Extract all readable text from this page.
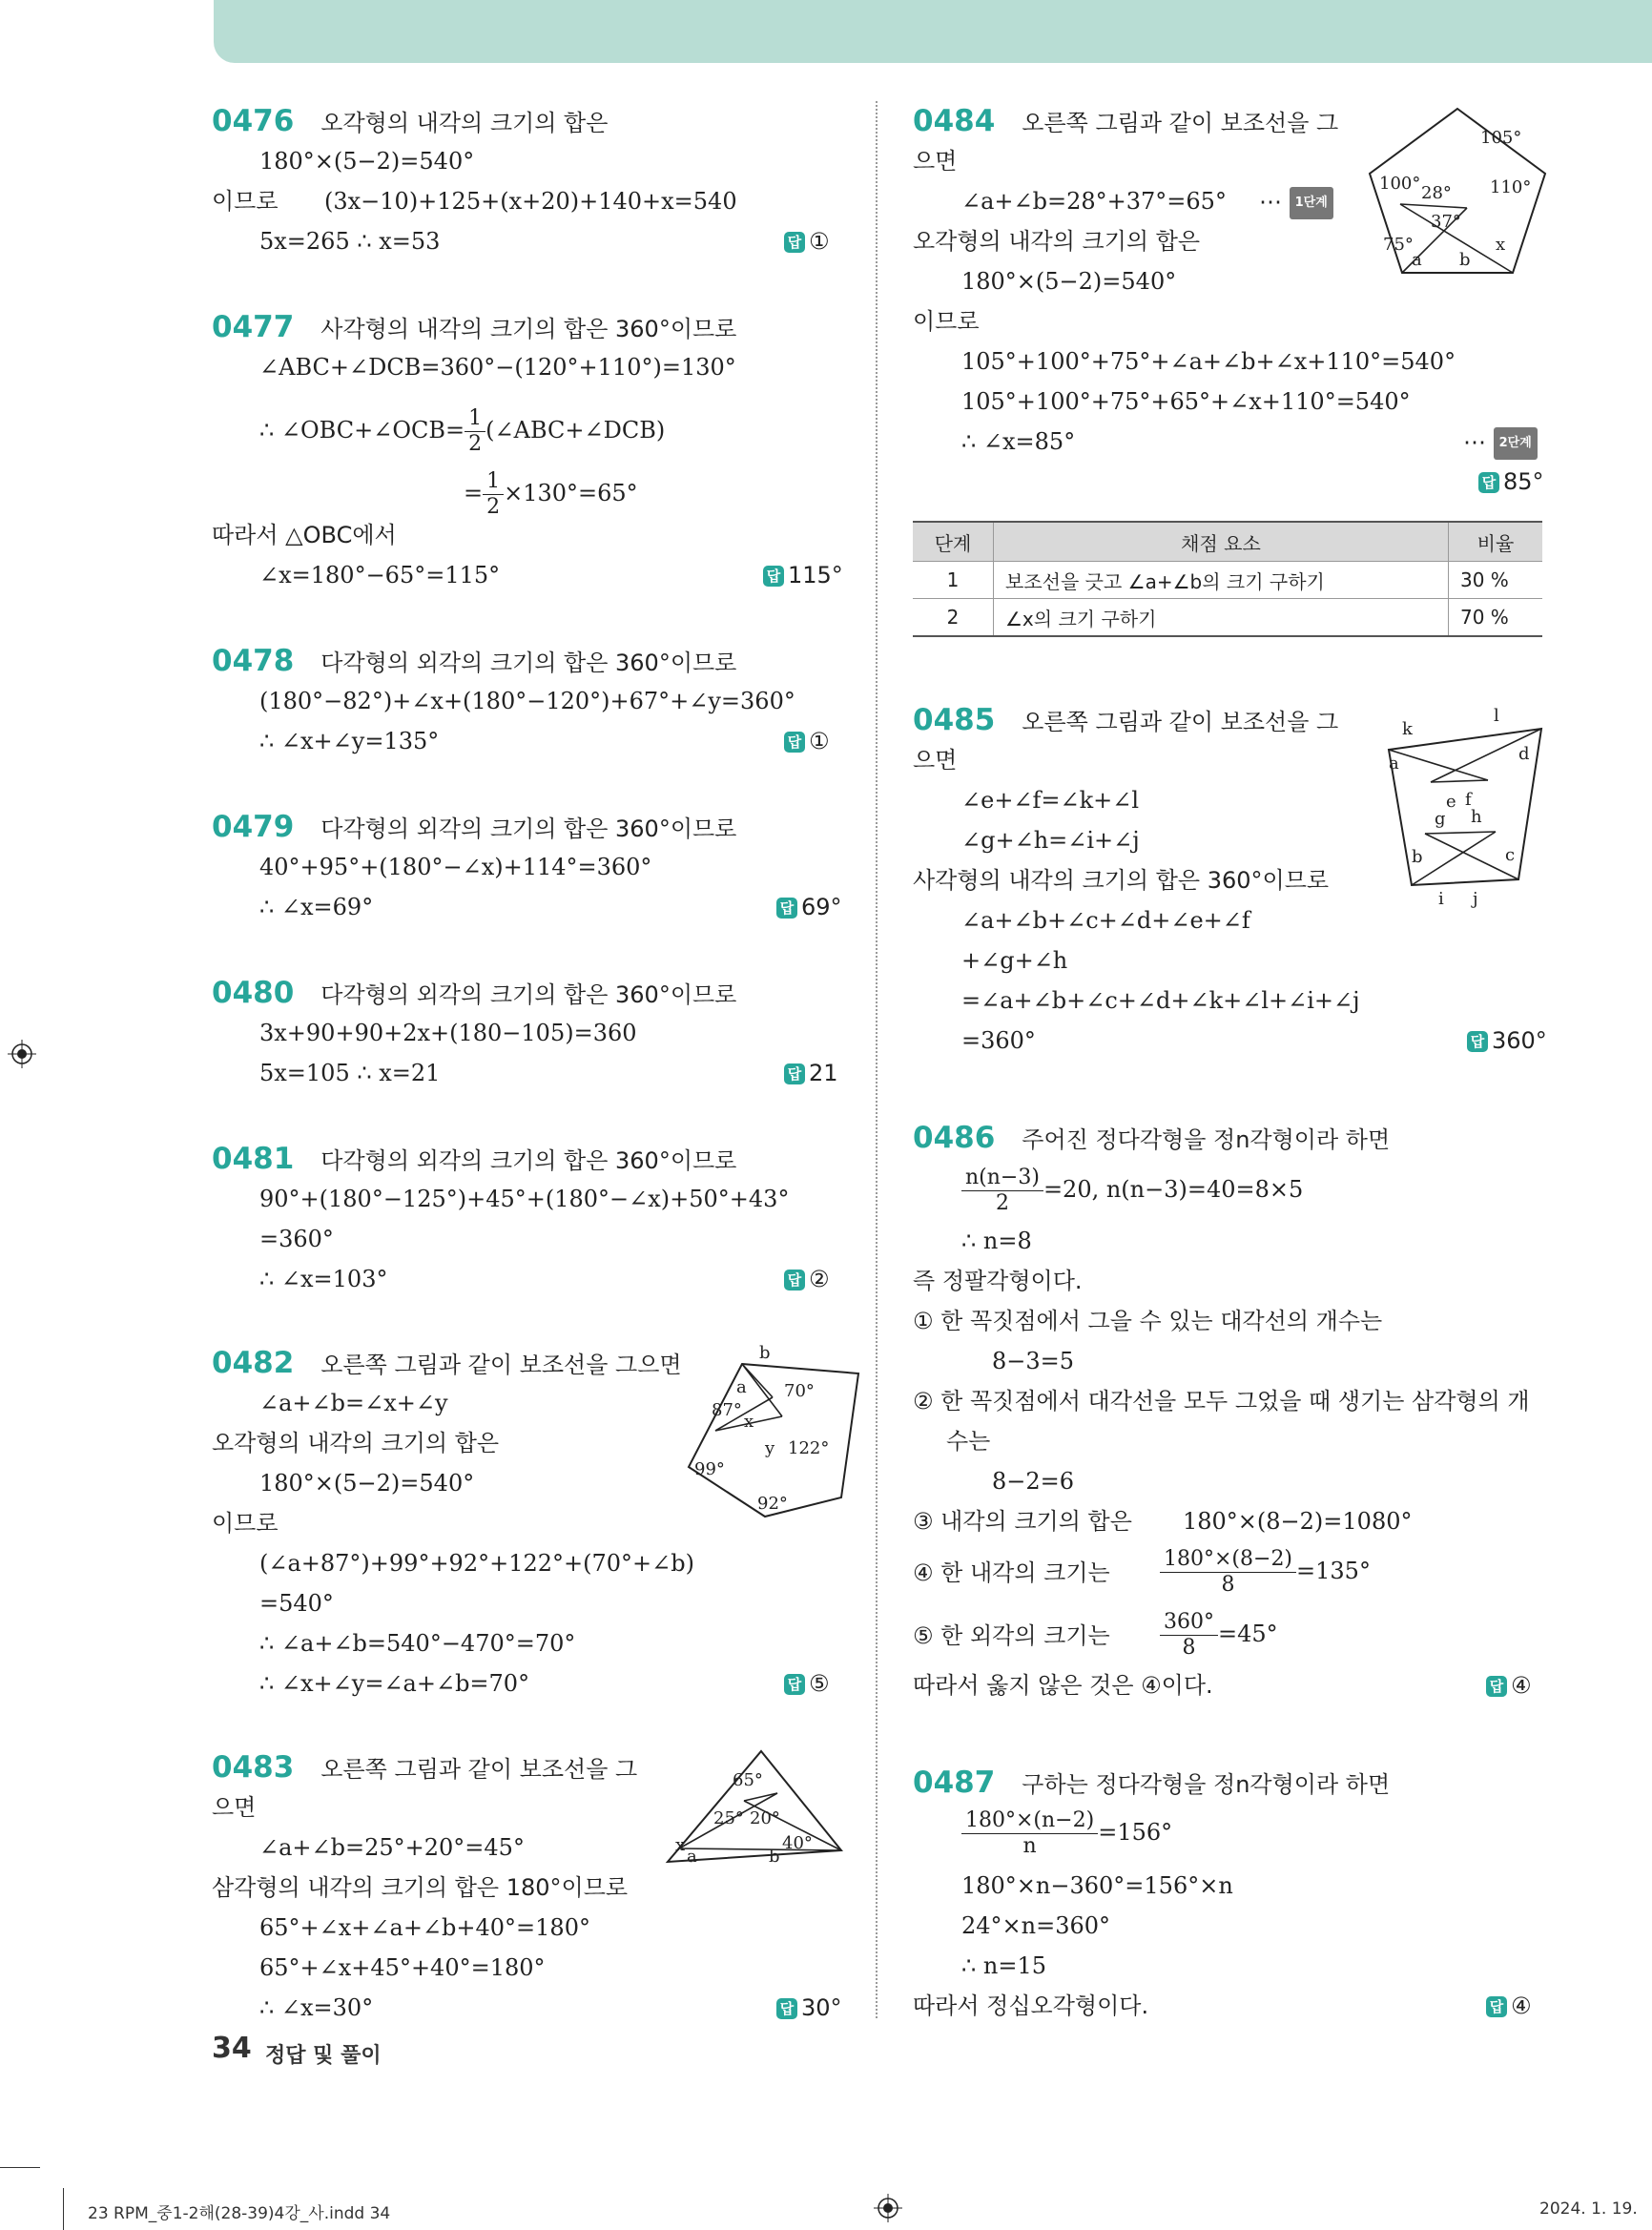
0476 오각형의 내각의 크기의 합은
180°×(5−2)=540°
이므로 (3x−10)+125+(x+20)+140+x=540
5x=265 ∴ x=53	답 ①
0477 사각형의 내각의 크기의 합은 360°이므로
∠ABC+∠DCB=360°−(120°+110°)=130°
∴ ∠OBC+∠OCB= $\frac{1}{2}$ (∠ABC+∠DCB)
= $\frac{1}{2} \times 130^\circ=65^\circ$
따라서 △OBC에서
∠x=180°−65°=115°	답 115°
0478 다각형의 외각의 크기의 합은 360°이므로
(180°−82°)+∠x+(180°−120°)+67°+∠y=360°
∴ ∠x+∠y=135°	답 ①
0479 다각형의 외각의 크기의 합은 360°이므로
40°+95°+(180°−∠x)+114°=360°
∴ ∠x=69°	답 69°
0480 다각형의 외각의 크기의 합은 360°이므로
3x+90+90+2x+(180−105)=360
5x=105 ∴ x=21	답 21
0481 다각형의 외각의 크기의 합은 360°이므로
90°+(180°−125°)+45°+(180°−∠x)+50°+43°
=360°
∴ ∠x=103°	답 ②
0482 오른쪽 그림과 같이 보조선을 그으면
∠a+∠b=∠x+∠y
오각형의 내각의 크기의 합은
180°×(5−2)=540°
이므로
(∠a+87°)+99°+92°+122°+(70°+∠b)
=540°
∴ ∠a+∠b=540°−470°=70°
∴ ∠x+∠y=∠a+∠b=70°	답 ⑤
b
a
x
y
87°
70°
99°
122°
92°
0483 오른쪽 그림과 같이 보조선을 그
으면
∠a+∠b=25°+20°=45°
삼각형의 내각의 크기의 합은 180°이므로
65°+∠x+∠a+∠b+40°=180°
65°+∠x+45°+40°=180°
∴ ∠x=30°	답 30°
65°
25° 20°
40°
x
a	b
0484 오른쪽 그림과 같이 보조선을 그
으면
∠a+∠b=28°+37°=65° ⋯ 1단계
오각형의 내각의 크기의 합은
180°×(5−2)=540°
이므로
105°+100°+75°+∠a+∠b+∠x+110°=540°
105°+100°+75°+65°+∠x+110°=540°
∴ ∠x=85°	⋯ 2단계
답 85°
105°
100°	110°
28°
37°
75°
a b
x
단계	채점 요소	비율
1	보조선을 긋고 ∠a+∠b의 크기 구하기	30 %
2	∠x의 크기 구하기	70 %
0485 오른쪽 그림과 같이 보조선을 그
으면
∠e+∠f=∠k+∠l
∠g+∠h=∠i+∠j
사각형의 내각의 크기의 합은 360°이므로
∠a+∠b+∠c+∠d+∠e+∠f
+∠g+∠h
=∠a+∠b+∠c+∠d+∠k+∠l+∠i+∠j
=360°	답 360°
k
l
a	d
e f
g h
b	c
i j
0486 주어진 정다각형을 정n각형이라 하면
$\frac{n(n-3)}{2} =20$, n(n−3)=40=8×5
∴ n=8
즉 정팔각형이다.
① 한 꼭짓점에서 그을 수 있는 대각선의 개수는
8−3=5
② 한 꼭짓점에서 대각선을 모두 그었을 때 생기는 삼각형의 개
수는
8−2=6
③ 내각의 크기의 합은 180°×(8−2)=1080°
④ 한 내각의 크기는 $\frac{180^\circ\times(8-2)}{8} =135^\circ$
⑤ 한 외각의 크기는 $\frac{360^\circ}{8} =45^\circ$
따라서 옳지 않은 것은 ④이다.	답 ④
0487 구하는 정다각형을 정n각형이라 하면
$\frac{180^\circ\times(n-2)}{n} =156^\circ$
180°×n−360°=156°×n
24°×n=360°
∴ n=15
따라서 정십오각형이다.	답 ④
34 정답 및 풀이
23 RPM_중1-2해(28-39)4강_사.indd 34	2024. 1. 19.
